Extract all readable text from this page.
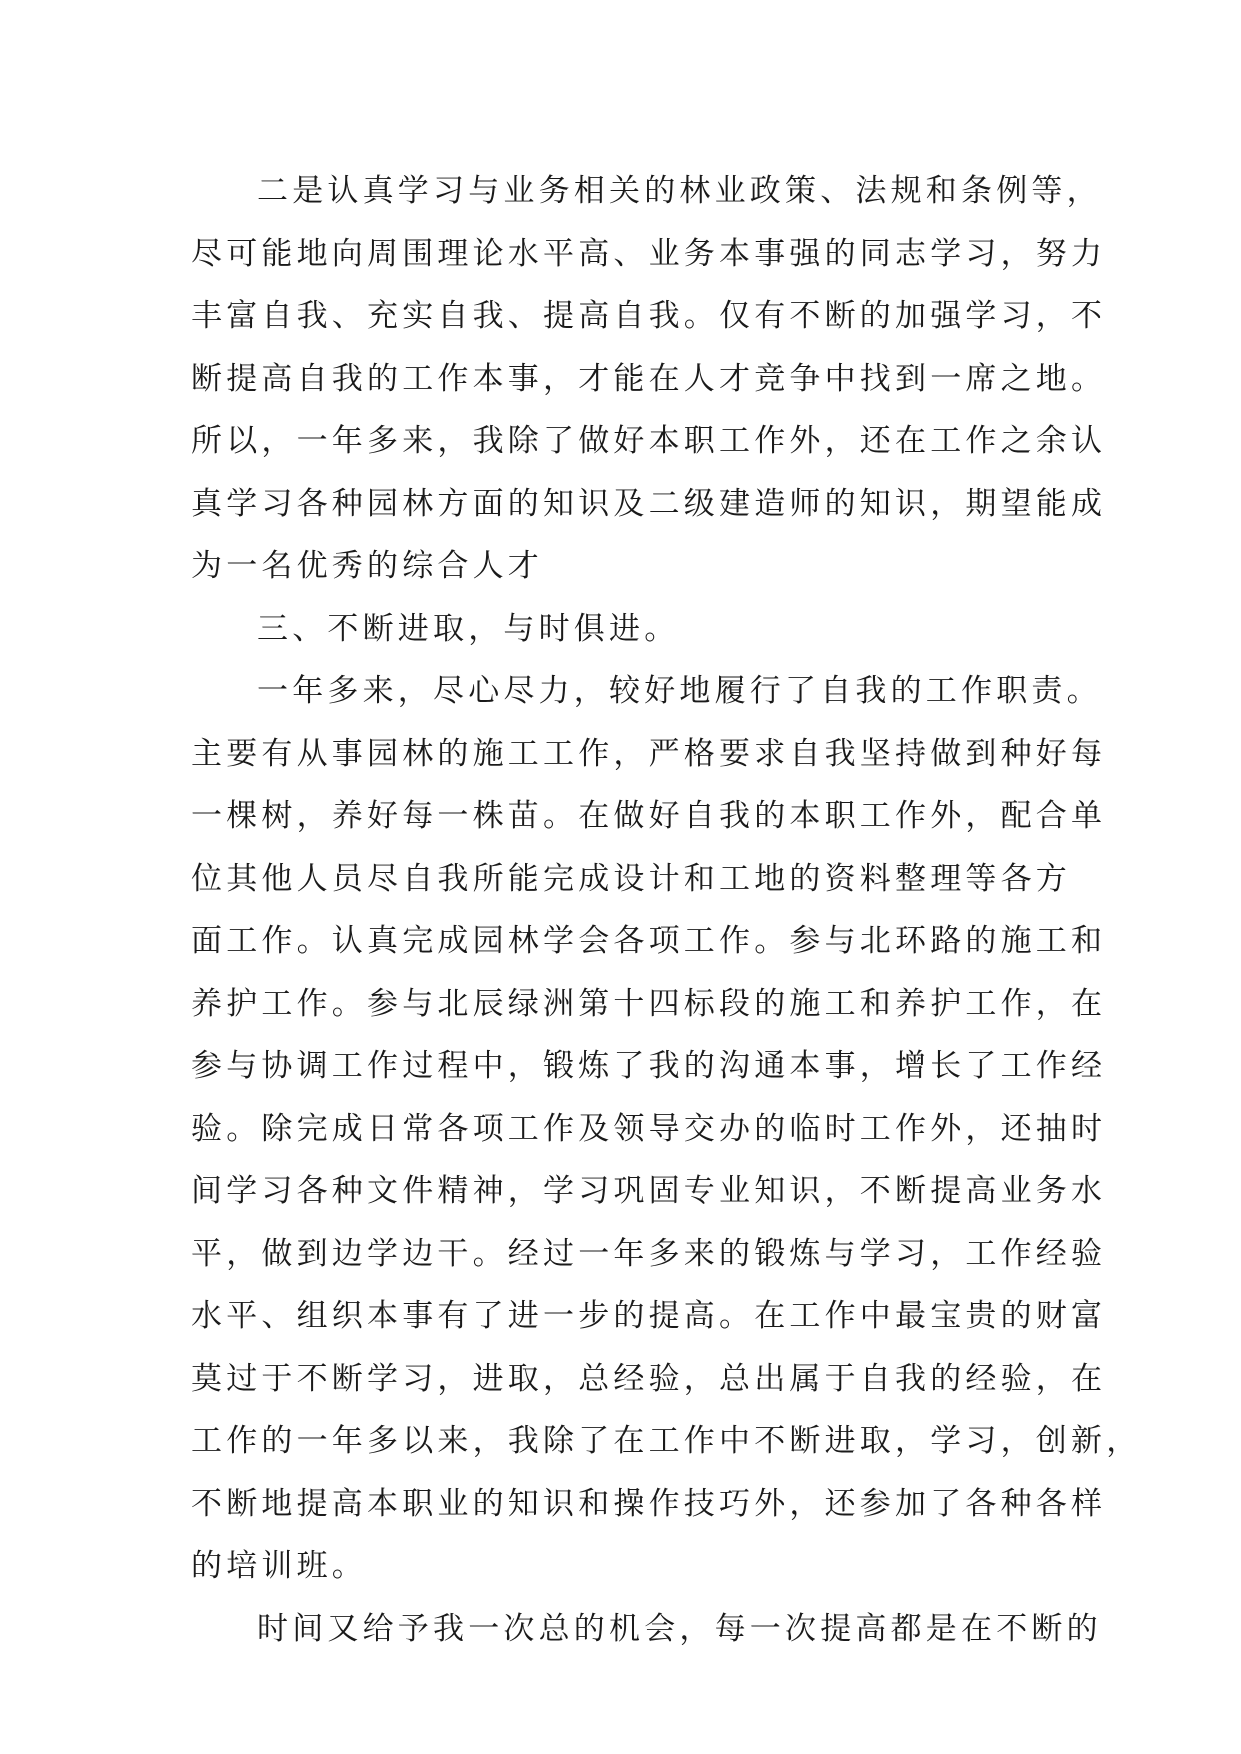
二是认真学习与业务相关的林业政策、法规和条例等，
尽可能地向周围理论水平高、业务本事强的同志学习，努力
丰富自我、充实自我、提高自我。仅有不断的加强学习，不
断提高自我的工作本事，才能在人才竞争中找到一席之地。
所以，一年多来，我除了做好本职工作外，还在工作之余认
真学习各种园林方面的知识及二级建造师的知识，期望能成
为一名优秀的综合人才
三、不断进取，与时俱进。
一年多来，尽心尽力，较好地履行了自我的工作职责。
主要有从事园林的施工工作，严格要求自我坚持做到种好每
一棵树，养好每一株苗。在做好自我的本职工作外，配合单
位其他人员尽自我所能完成设计和工地的资料整理等各方
面工作。认真完成园林学会各项工作。参与北环路的施工和
养护工作。参与北辰绿洲第十四标段的施工和养护工作，在
参与协调工作过程中，锻炼了我的沟通本事，增长了工作经
验。除完成日常各项工作及领导交办的临时工作外，还抽时
间学习各种文件精神，学习巩固专业知识，不断提高业务水
平，做到边学边干。经过一年多来的锻炼与学习，工作经验
水平、组织本事有了进一步的提高。在工作中最宝贵的财富
莫过于不断学习，进取，总经验，总出属于自我的经验，在
工作的一年多以来，我除了在工作中不断进取，学习，创新，
不断地提高本职业的知识和操作技巧外，还参加了各种各样
的培训班。
时间又给予我一次总的机会，每一次提高都是在不断的
